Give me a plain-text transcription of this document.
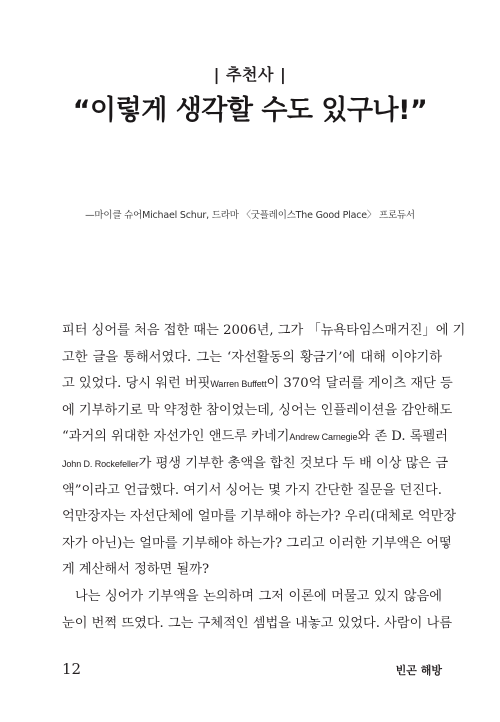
| 추천사 |
“이렇게 생각할 수도 있구나!”
—마이클 슈어Michael Schur, 드라마 〈굿플레이스The Good Place〉 프로듀서

피터 싱어를 처음 접한 때는 2006년, 그가 「뉴욕타임스매거진」에 기
고한 글을 통해서였다. 그는 ‘자선활동의 황금기’에 대해 이야기하
고 있었다. 당시 워런 버핏Warren Buffett이 370억 달러를 게이츠 재단 등
에 기부하기로 막 약정한 참이었는데, 싱어는 인플레이션을 감안해도
“과거의 위대한 자선가인 앤드루 카네기Andrew Carnegie와 존 D. 록펠러
John D. Rockefeller가 평생 기부한 총액을 합친 것보다 두 배 이상 많은 금
액”이라고 언급했다. 여기서 싱어는 몇 가지 간단한 질문을 던진다.
억만장자는 자선단체에 얼마를 기부해야 하는가? 우리(대체로 억만장
자가 아닌)는 얼마를 기부해야 하는가? 그리고 이러한 기부액은 어떻
게 계산해서 정하면 될까?

나는 싱어가 기부액을 논의하며 그저 이론에 머물고 있지 않음에
눈이 번쩍 뜨였다. 그는 구체적인 셈법을 내놓고 있었다. 사람이 나름

12	빈곤 해방
